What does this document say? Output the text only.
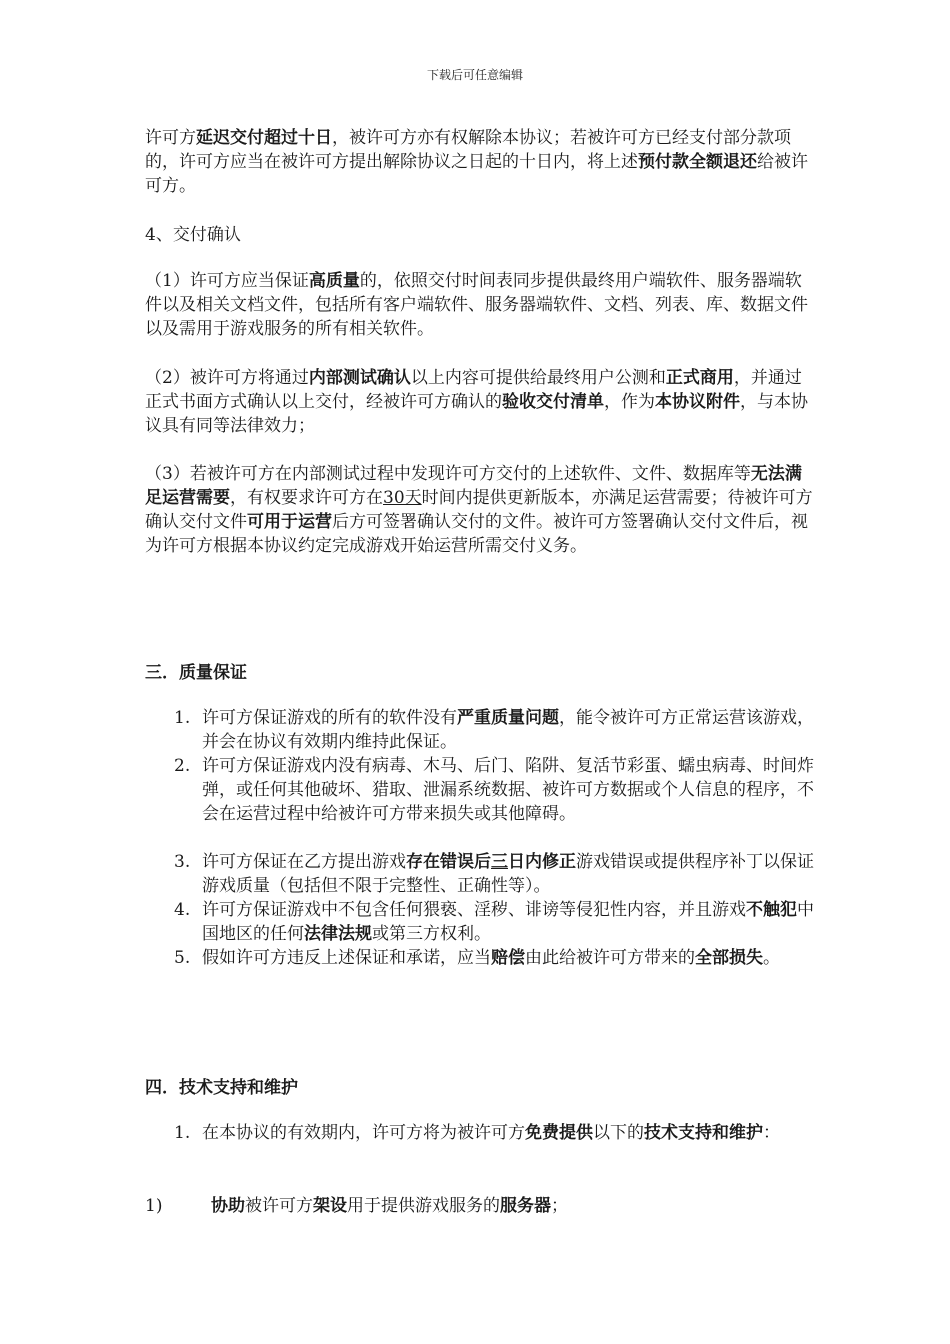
下载后可任意编辑
许可方延迟交付超过十日，被许可方亦有权解除本协议；若被许可方已经支付部分款项的，许可方应当在被许可方提出解除协议之日起的十日内，将上述预付款全额退还给被许可方。
4、交付确认
（1）许可方应当保证高质量的，依照交付时间表同步提供最终用户端软件、服务器端软件以及相关文档文件，包括所有客户端软件、服务器端软件、文档、列表、库、数据文件以及需用于游戏服务的所有相关软件。
（2）被许可方将通过内部测试确认以上内容可提供给最终用户公测和正式商用，并通过正式书面方式确认以上交付，经被许可方确认的验收交付清单，作为本协议附件，与本协议具有同等法律效力；
（3）若被许可方在内部测试过程中发现许可方交付的上述软件、文件、数据库等无法满足运营需要，有权要求许可方在30天时间内提供更新版本，亦满足运营需要；待被许可方确认交付文件可用于运营后方可签署确认交付的文件。被许可方签署确认交付文件后，视为许可方根据本协议约定完成游戏开始运营所需交付义务。
三．质量保证
1. 许可方保证游戏的所有的软件没有严重质量问题，能令被许可方正常运营该游戏，并会在协议有效期内维持此保证。
2. 许可方保证游戏内没有病毒、木马、后门、陷阱、复活节彩蛋、蠕虫病毒、时间炸弹，或任何其他破坏、猎取、泄漏系统数据、被许可方数据或个人信息的程序，不会在运营过程中给被许可方带来损失或其他障碍。
3. 许可方保证在乙方提出游戏存在错误后三日内修正游戏错误或提供程序补丁以保证游戏质量（包括但不限于完整性、正确性等）。
4. 许可方保证游戏中不包含任何猥亵、淫秽、诽谤等侵犯性内容，并且游戏不触犯中国地区的任何法律法规或第三方权利。
5. 假如许可方违反上述保证和承诺，应当赔偿由此给被许可方带来的全部损失。
四．技术支持和维护
1. 在本协议的有效期内，许可方将为被许可方免费提供以下的技术支持和维护：
1)	协助被许可方架设用于提供游戏服务的服务器；
